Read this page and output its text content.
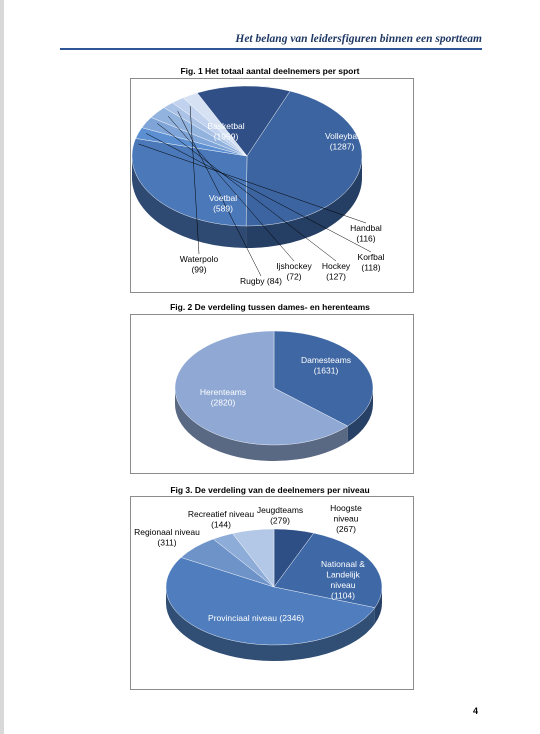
Het belang van leidersfiguren binnen een sportteam
Fig. 1 Het totaal aantal deelnemers per sport
Basketbal (1959)	Volleybal (1287)
Handbal (116)
Korfbal (118)
Hockey (127)
Ijshockey (72)
Rugby (84)
Waterpolo (99)
Voetbal (589)
Fig. 2 De verdeling tussen dames- en herenteams
Damesteams (1631)
Herenteams (2820)
Fig 3. De verdeling van de deelnemers per niveau
Hoogste niveau (267)
Nationaal & Landelijk niveau (1104)
Provinciaal niveau (2346)
Regionaal niveau (311)
Recreatief niveau (144)
Jeugdteams (279)
4
